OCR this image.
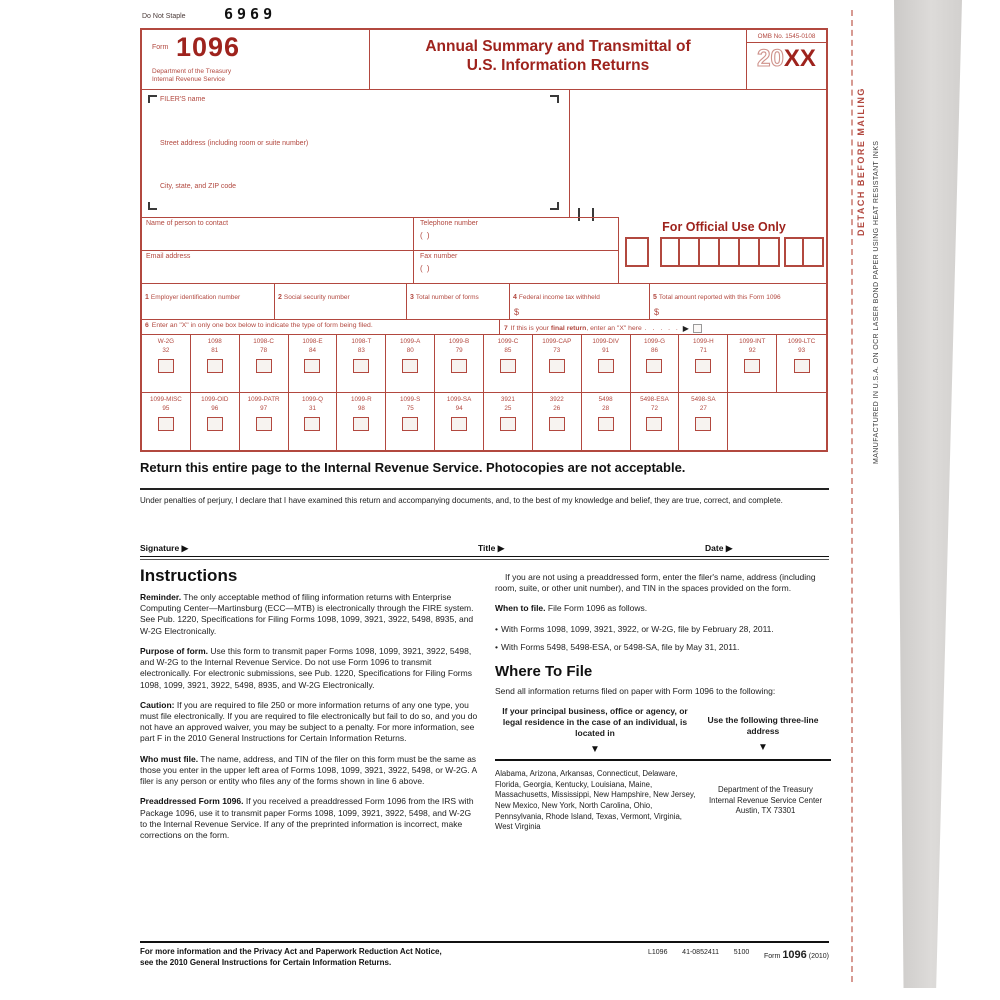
Do Not Staple	6969
Form 1096
Department of the Treasury
Internal Revenue Service
Annual Summary and Transmittal of
U.S. Information Returns
OMB No. 1545-0108
20XX
FILER'S name
Street address (including room or suite number)
City, state, and ZIP code
Name of person to contact	Telephone number
( )
Email address	Fax number
( )
For Official Use Only
1 Employer identification number	2 Social security number	3 Total number of forms	4 Federal income tax withheld
$
5 Total amount reported with this Form 1096
$
6 Enter an "X" in only one box below to indicate the type of form being filed.	7 If this is your final return, enter an "X" here . . . . . ▶
W-2G
32
1098
81
1098-C
78
1098-E
84
1098-T
83
1099-A
80
1099-B
79
1099-C
85
1099-CAP
73
1099-DIV
91
1099-G
86
1099-H
71
1099-INT
92
1099-LTC
93
1099-MISC
95
1099-OID
96
1099-PATR
97
1099-Q
31
1099-R
98
1099-S
75
1099-SA
94
3921
25
3922
26
5498
28
5498-ESA
72
5498-SA
27
Return this entire page to the Internal Revenue Service. Photocopies are not acceptable.
Under penalties of perjury, I declare that I have examined this return and accompanying documents, and, to the best of my knowledge and belief, they are true, correct, and complete.
Signature ▶	Title ▶	Date ▶
Instructions

Reminder. The only acceptable method of filing information returns with Enterprise Computing Center—Martinsburg (ECC—MTB) is electronically through the FIRE system. See Pub. 1220, Specifications for Filing Forms 1098, 1099, 3921, 3922, 5498, 8935, and W-2G Electronically.

Purpose of form. Use this form to transmit paper Forms 1098, 1099, 3921, 3922, 5498, and W-2G to the Internal Revenue Service. Do not use Form 1096 to transmit electronically. For electronic submissions, see Pub. 1220, Specifications for Filing Forms 1098, 1099, 3921, 3922, 5498, 8935, and W-2G Electronically.

Caution: If you are required to file 250 or more information returns of any one type, you must file electronically. If you are required to file electronically but fail to do so, and you do not have an approved waiver, you may be subject to a penalty. For more information, see part F in the 2010 General Instructions for Certain Information Returns.

Who must file. The name, address, and TIN of the filer on this form must be the same as those you enter in the upper left area of Forms 1098, 1099, 3921, 3922, 5498, or W-2G. A filer is any person or entity who files any of the forms shown in line 6 above.

Preaddressed Form 1096. If you received a preaddressed Form 1096 from the IRS with Package 1096, use it to transmit paper Forms 1098, 1099, 3921, 3922, 5498, and W-2G to the Internal Revenue Service. If any of the preprinted information is incorrect, make corrections on the form.

If you are not using a preaddressed form, enter the filer's name, address (including room, suite, or other unit number), and TIN in the spaces provided on the form.

When to file. File Form 1096 as follows.

• With Forms 1098, 1099, 3921, 3922, or W-2G, file by February 28, 2011.

• With Forms 5498, 5498-ESA, or 5498-SA, file by May 31, 2011.

Where To File

Send all information returns filed on paper with Form 1096 to the following:

If your principal business, office or agency, or legal residence in the case of an individual, is located in
▼
Use the following three-line address
▼
Alabama, Arizona, Arkansas, Connecticut, Delaware, Florida, Georgia, Kentucky, Louisiana, Maine, Massachusetts, Mississippi, New Hampshire, New Jersey, New Mexico, New York, North Carolina, Ohio, Pennsylvania, Rhode Island, Texas, Vermont, Virginia, West Virginia
Department of the Treasury
Internal Revenue Service Center
Austin, TX 73301
For more information and the Privacy Act and Paperwork Reduction Act Notice,
see the 2010 General Instructions for Certain Information Returns.
L1096 41-0852411 5100
Form 1096 (2010)
DETACH BEFORE MAILING MANUFACTURED IN U.S.A. ON OCR LASER BOND PAPER USING HEAT RESISTANT INKS
